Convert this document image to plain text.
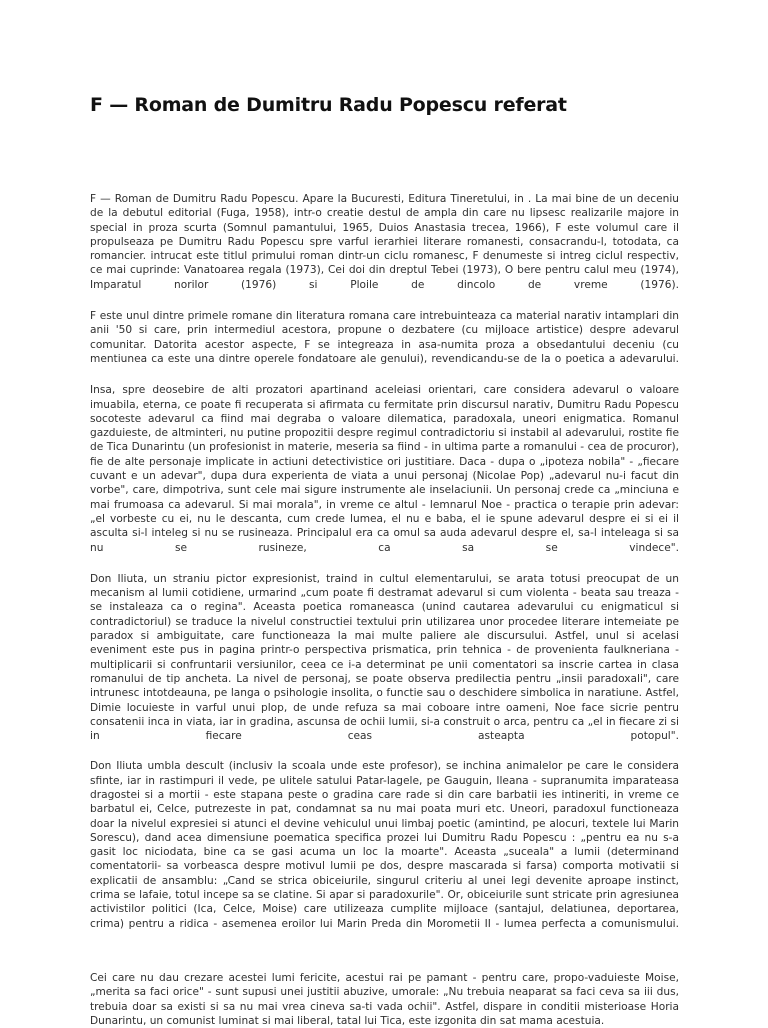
F — Roman de Dumitru Radu Popescu referat

F — Roman de Dumitru Radu Popescu. Apare la Bucuresti, Editura Tineretului, in . La mai bine de un deceniu de la debutul editorial (Fuga, 1958), intr-o creatie destul de ampla din care nu lipsesc realizarile majore in special in proza scurta (Somnul pamantului, 1965, Duios Anastasia trecea, 1966), F este volumul care il propulseaza pe Dumitru Radu Popescu spre varful ierarhiei literare romanesti, consacrandu-l, totodata, ca romancier. intrucat este titlul primului roman dintr-un ciclu romanesc, F denumeste si intreg ciclul respectiv, ce mai cuprinde: Vanatoarea regala (1973), Cei doi din dreptul Tebei (1973), O bere pentru calul meu (1974), Imparatul norilor (1976) si Ploile de dincolo de vreme (1976).

F este unul dintre primele romane din literatura romana care intrebuinteaza ca material narativ intamplari din anii '50 si care, prin intermediul acestora, propune o dezbatere (cu mijloace artistice) despre adevarul comunitar. Datorita acestor aspecte, F se integreaza in asa-numita proza a obsedantului deceniu (cu mentiunea ca este una dintre operele fondatoare ale genului), revendicandu-se de la o poetica a adevarului.

Insa, spre deosebire de alti prozatori apartinand aceleiasi orientari, care considera adevarul o valoare imuabila, eterna, ce poate fi recuperata si afirmata cu fermitate prin discursul narativ, Dumitru Radu Popescu socoteste adevarul ca fiind mai degraba o valoare dilematica, paradoxala, uneori enigmatica. Romanul gazduieste, de altminteri, nu putine propozitii despre regimul contradictoriu si instabil al adevarului, rostite fie de Tica Dunarintu (un profesionist in materie, meseria sa fiind - in ultima parte a romanului - cea de procuror), fie de alte personaje implicate in actiuni detectivistice ori justitiare. Daca - dupa o „ipoteza nobila" - „fiecare cuvant e un adevar", dupa dura experienta de viata a unui personaj (Nicolae Pop) „adevarul nu-i facut din vorbe", care, dimpotriva, sunt cele mai sigure instrumente ale inselaciunii. Un personaj crede ca „minciuna e mai frumoasa ca adevarul. Si mai morala", in vreme ce altul - lemnarul Noe - practica o terapie prin adevar: „el vorbeste cu ei, nu le descanta, cum crede lumea, el nu e baba, el ie spune adevarul despre ei si ei il asculta si-l inteleg si nu se rusineaza. Principalul era ca omul sa auda adevarul despre el, sa-l inteleaga si sa nu se rusineze, ca sa se vindece".

Don Iliuta, un straniu pictor expresionist, traind in cultul elementarului, se arata totusi preocupat de un mecanism al lumii cotidiene, urmarind „cum poate fi destramat adevarul si cum violenta - beata sau treaza - se instaleaza ca o regina". Aceasta poetica romaneasca (unind cautarea adevarului cu enigmaticul si contradictoriul) se traduce la nivelul constructiei textului prin utilizarea unor procedee literare intemeiate pe paradox si ambiguitate, care functioneaza la mai multe paliere ale discursului. Astfel, unul si acelasi eveniment este pus in pagina printr-o perspectiva prismatica, prin tehnica - de provenienta faulkneriana - multiplicarii si confruntarii versiunilor, ceea ce i-a determinat pe unii comentatori sa inscrie cartea in clasa romanului de tip ancheta. La nivel de personaj, se poate observa predilectia pentru „insii paradoxali", care intrunesc intotdeauna, pe langa o psihologie insolita, o functie sau o deschidere simbolica in naratiune. Astfel, Dimie locuieste in varful unui plop, de unde refuza sa mai coboare intre oameni, Noe face sicrie pentru consatenii inca in viata, iar in gradina, ascunsa de ochii lumii, si-a construit o arca, pentru ca „el in fiecare zi si in fiecare ceas asteapta potopul".

Don Iliuta umbla descult (inclusiv la scoala unde este profesor), se inchina animalelor pe care le considera sfinte, iar in rastimpuri il vede, pe ulitele satului Patar-lagele, pe Gauguin, Ileana - supranumita imparateasa dragostei si a mortii - este stapana peste o gradina care rade si din care barbatii ies intineriti, in vreme ce barbatul ei, Celce, putrezeste in pat, condamnat sa nu mai poata muri etc. Uneori, paradoxul functioneaza doar la nivelul expresiei si atunci el devine vehiculul unui limbaj poetic (amintind, pe alocuri, textele lui Marin Sorescu), dand acea dimensiune poematica specifica prozei lui Dumitru Radu Popescu : „pentru ea nu s-a gasit loc niciodata, bine ca se gasi acuma un loc la moarte". Aceasta „suceala" a lumii (determinand comentatorii- sa vorbeasca despre motivul lumii pe dos, despre mascarada si farsa) comporta motivatii si explicatii de ansamblu: „Cand se strica obiceiurile, singurul criteriu al unei legi devenite aproape instinct, crima se lafaie, totul incepe sa se clatine. Si apar si paradoxurile". Or, obiceiurile sunt stricate prin agresiunea activistilor politici (Ica, Celce, Moise) care utilizeaza cumplite mijloace (santajul, delatiunea, deportarea, crima) pentru a ridica - asemenea eroilor lui Marin Preda din Morometii II - lumea perfecta a comunismului.

Cei care nu dau crezare acestei lumi fericite, acestui rai pe pamant - pentru care, propo-vaduieste Moise, „merita sa faci orice" - sunt supusi unei justitii abuzive, umorale: „Nu trebuia neaparat sa faci ceva sa iii dus, trebuia doar sa existi si sa nu mai vrea cineva sa-ti vada ochii". Astfel, dispare in conditii misterioase Horia Dunarintu, un comunist luminat si mai liberal, tatal lui Tica, este izgonita din sat mama acestuia.
